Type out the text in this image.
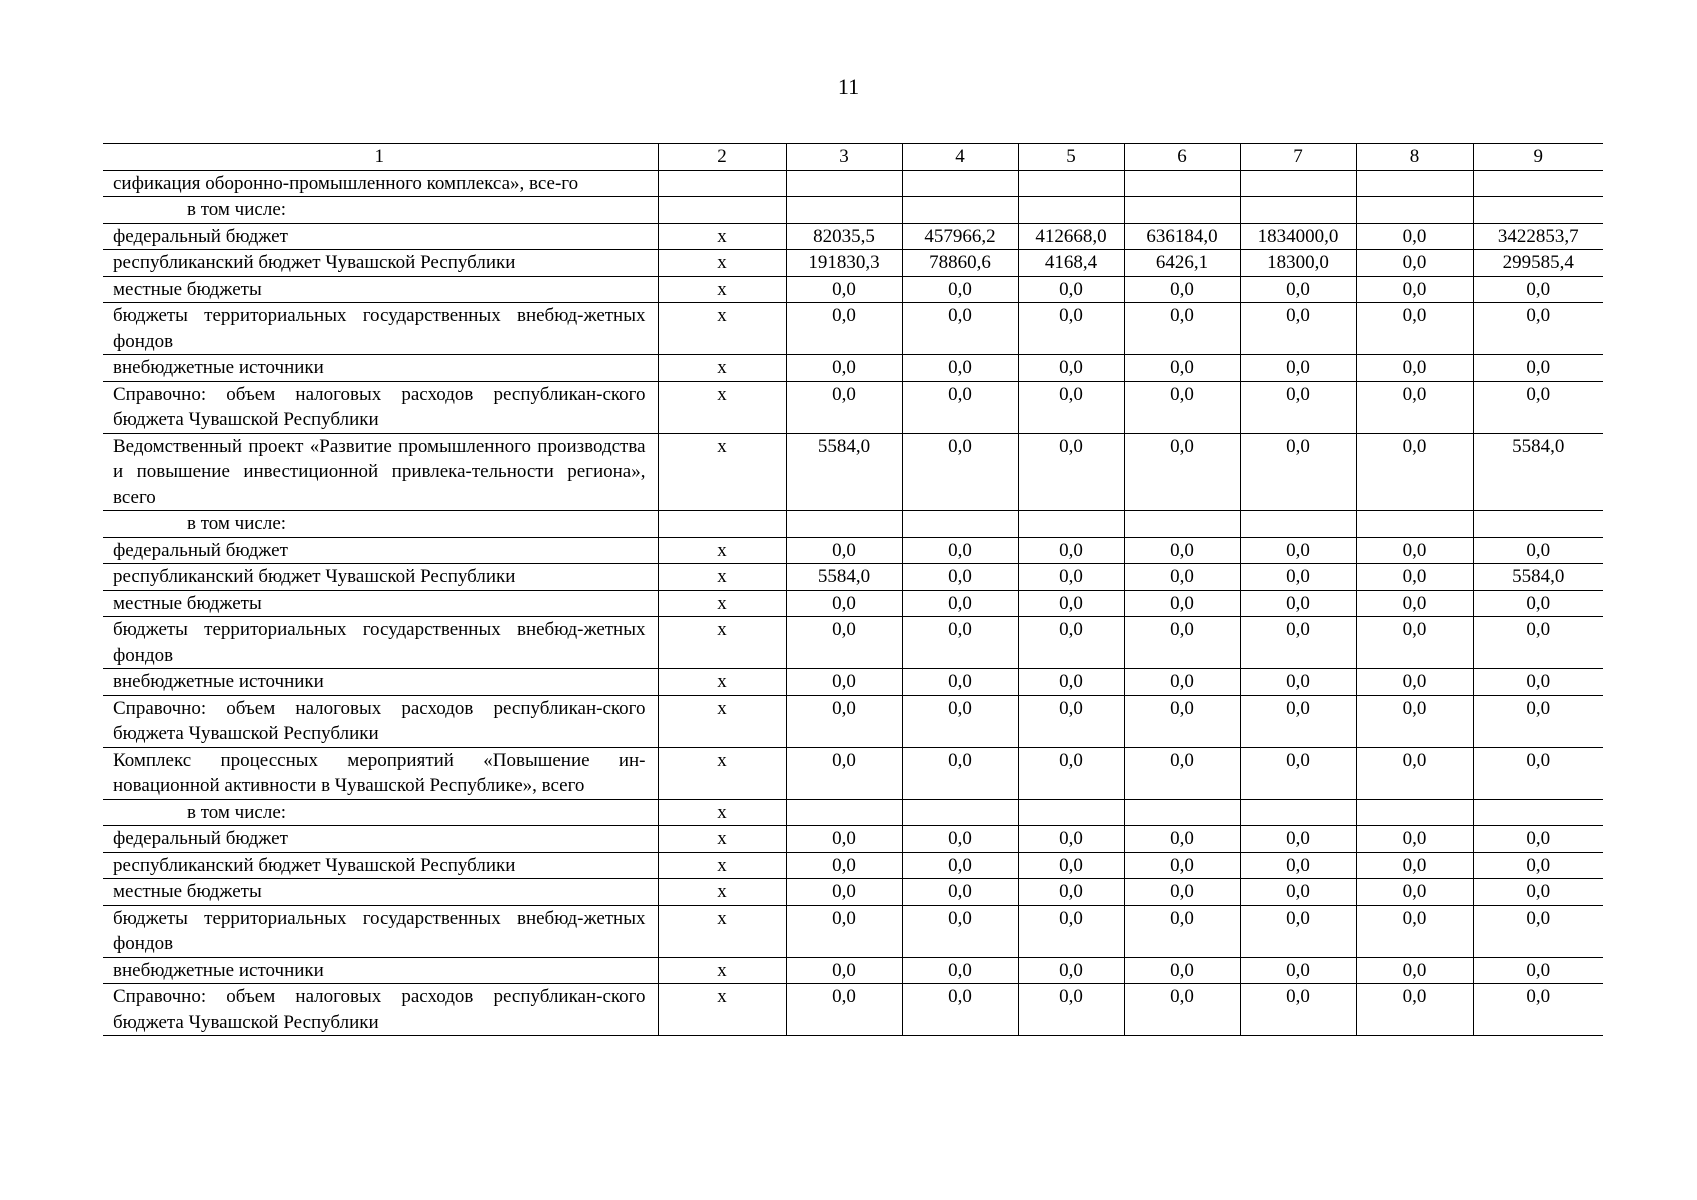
11
1	2	3	4	5	6	7	8	9
сификация оборонно-промышленного комплекса», все-го								
в том числе:								
федеральный бюджет	х	82035,5	457966,2	412668,0	636184,0	1834000,0	0,0	3422853,7
республиканский бюджет Чувашской Республики	х	191830,3	78860,6	4168,4	6426,1	18300,0	0,0	299585,4
местные бюджеты	х	0,0	0,0	0,0	0,0	0,0	0,0	0,0
бюджеты территориальных государственных внебюд-жетных фондов	х	0,0	0,0	0,0	0,0	0,0	0,0	0,0
внебюджетные источники	х	0,0	0,0	0,0	0,0	0,0	0,0	0,0
Справочно: объем налоговых расходов республикан-ского бюджета Чувашской Республики	х	0,0	0,0	0,0	0,0	0,0	0,0	0,0
Ведомственный проект «Развитие промышленного производства и повышение инвестиционной привлека-тельности региона», всего	х	5584,0	0,0	0,0	0,0	0,0	0,0	5584,0
в том числе:								
федеральный бюджет	х	0,0	0,0	0,0	0,0	0,0	0,0	0,0
республиканский бюджет Чувашской Республики	х	5584,0	0,0	0,0	0,0	0,0	0,0	5584,0
местные бюджеты	х	0,0	0,0	0,0	0,0	0,0	0,0	0,0
бюджеты территориальных государственных внебюд-жетных фондов	х	0,0	0,0	0,0	0,0	0,0	0,0	0,0
внебюджетные источники	х	0,0	0,0	0,0	0,0	0,0	0,0	0,0
Справочно: объем налоговых расходов республикан-ского бюджета Чувашской Республики	х	0,0	0,0	0,0	0,0	0,0	0,0	0,0
Комплекс процессных мероприятий «Повышение ин-новационной активности в Чувашской Республике», всего	х	0,0	0,0	0,0	0,0	0,0	0,0	0,0
в том числе:	х							
федеральный бюджет	х	0,0	0,0	0,0	0,0	0,0	0,0	0,0
республиканский бюджет Чувашской Республики	х	0,0	0,0	0,0	0,0	0,0	0,0	0,0
местные бюджеты	х	0,0	0,0	0,0	0,0	0,0	0,0	0,0
бюджеты территориальных государственных внебюд-жетных фондов	х	0,0	0,0	0,0	0,0	0,0	0,0	0,0
внебюджетные источники	х	0,0	0,0	0,0	0,0	0,0	0,0	0,0
Справочно: объем налоговых расходов республикан-ского бюджета Чувашской Республики	х	0,0	0,0	0,0	0,0	0,0	0,0	0,0
